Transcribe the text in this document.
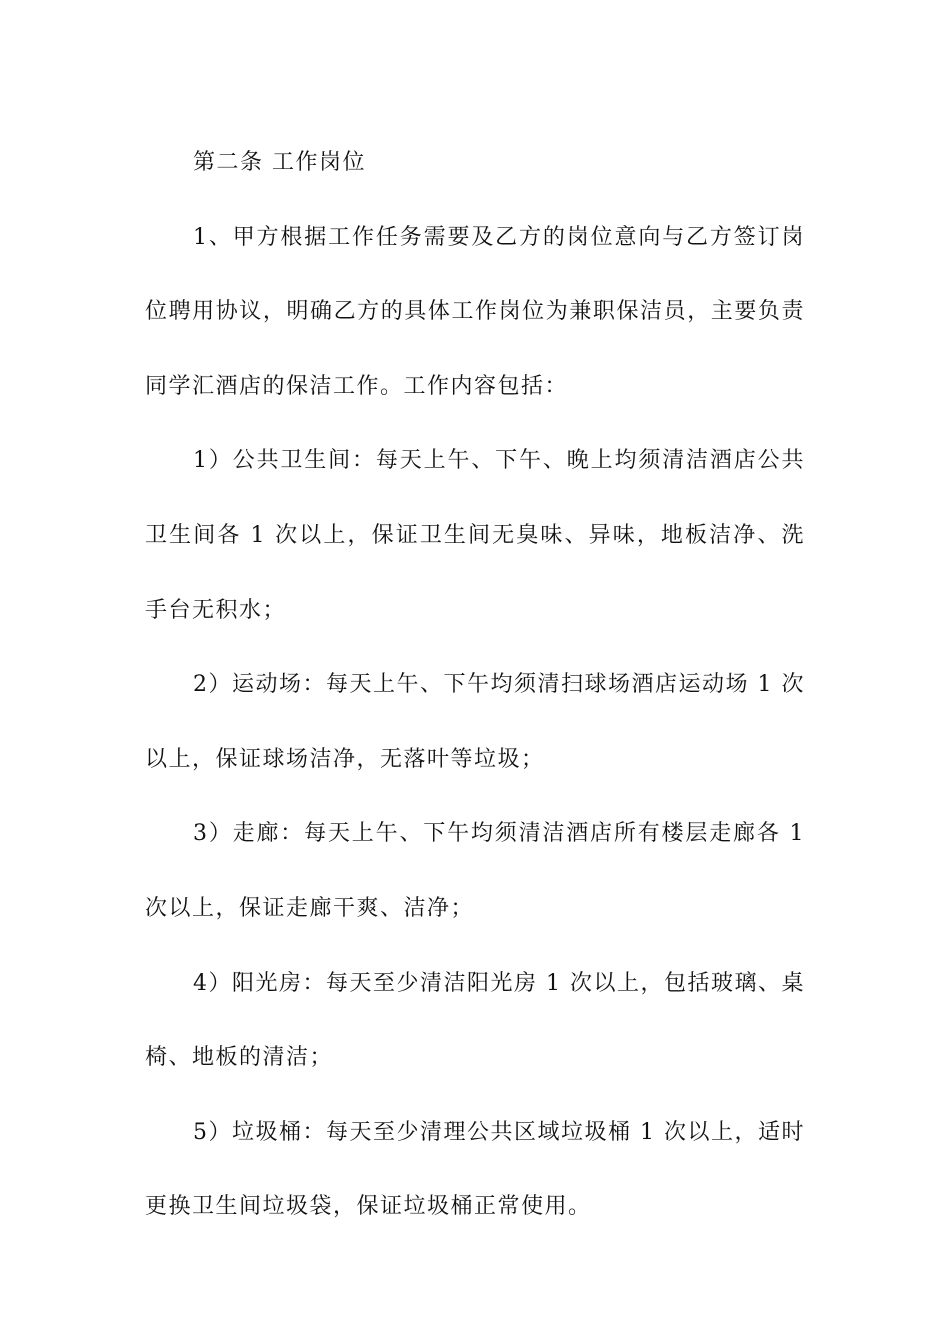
第二条 工作岗位

1、甲方根据工作任务需要及乙方的岗位意向与乙方签订岗位聘用协议，明确乙方的具体工作岗位为兼职保洁员，主要负责同学汇酒店的保洁工作。工作内容包括：

1）公共卫生间：每天上午、下午、晚上均须清洁酒店公共卫生间各 1 次以上，保证卫生间无臭味、异味，地板洁净、洗手台无积水；

2）运动场：每天上午、下午均须清扫球场酒店运动场 1 次以上，保证球场洁净，无落叶等垃圾；

3）走廊：每天上午、下午均须清洁酒店所有楼层走廊各 1 次以上，保证走廊干爽、洁净；

4）阳光房：每天至少清洁阳光房 1 次以上，包括玻璃、桌椅、地板的清洁；

5）垃圾桶：每天至少清理公共区域垃圾桶 1 次以上，适时更换卫生间垃圾袋，保证垃圾桶正常使用。
